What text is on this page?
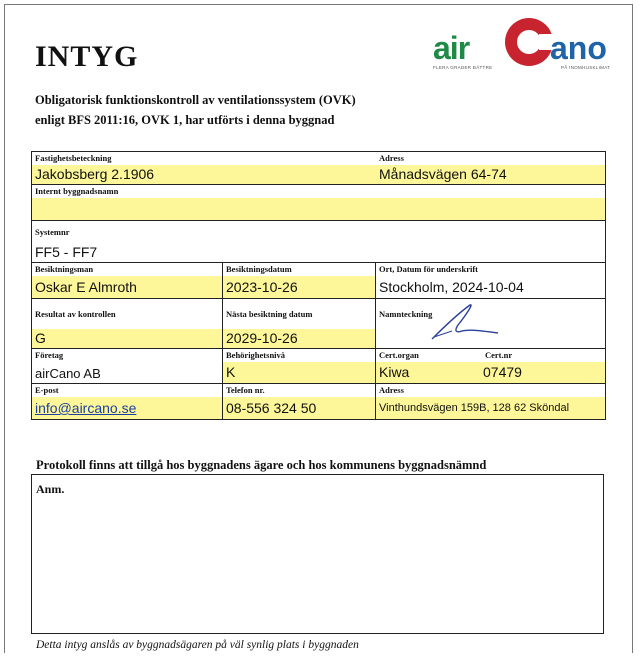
INTYG
Obligatorisk funktionskontroll av ventilationssystem (OVK)
enligt BFS 2011:16, OVK 1, har utförts i denna byggnad
air	ano
FLERA GRADER BÄTTRE	PÅ INOMHUSKLIMAT
Fastighetsbeteckning
Jakobsberg 2.1906
Adress
Månadsvägen 64-74
Internt byggnadsnamn
Systemnr
FF5 - FF7
Besiktningsman
Oskar E Almroth
Besiktningsdatum
2023-10-26
Ort, Datum för underskrift
Stockholm, 2024-10-04
Resultat av kontrollen
G
Nästa besiktning datum
2029-10-26
Namnteckning
Företag
airCano AB
Behörighetsnivå
K
Cert.organ	Cert.nr
Kiwa	07479
E-post
info@aircano.se
Telefon nr.
08-556 324 50
Adress
Vinthundsvägen 159B, 128 62 Sköndal
Protokoll finns att tillgå hos byggnadens ägare och hos kommunens byggnadsnämnd
Anm.
Detta intyg anslås av byggnadsägaren på väl synlig plats i byggnaden
